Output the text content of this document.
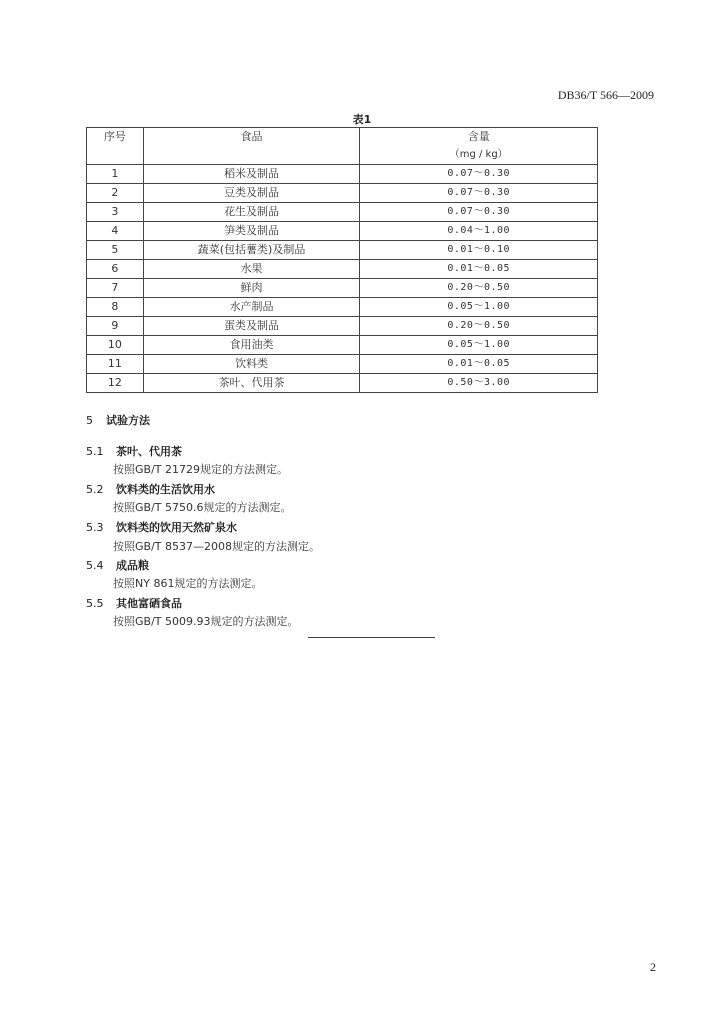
DB36/T 566—2009
表1
序号	食品	含量
（mg / kg）

1	稻米及制品	0.07～0.30
2	豆类及制品	0.07～0.30
3	花生及制品	0.07～0.30
4	笋类及制品	0.04～1.00
5	蔬菜(包括薯类)及制品	0.01～0.10
6	水果	0.01～0.05
7	鲜肉	0.20～0.50
8	水产制品	0.05～1.00
9	蛋类及制品	0.20～0.50
10	食用油类	0.05～1.00
11	饮料类	0.01～0.05
12	茶叶、代用茶	0.50～3.00
5 试验方法
5.1 茶叶、代用茶
按照GB/T 21729规定的方法测定。
5.2 饮料类的生活饮用水
按照GB/T 5750.6规定的方法测定。
5.3 饮料类的饮用天然矿泉水
按照GB/T 8537—2008规定的方法测定。
5.4 成品粮
按照NY 861规定的方法测定。
5.5 其他富硒食品
按照GB/T 5009.93规定的方法测定。
2
